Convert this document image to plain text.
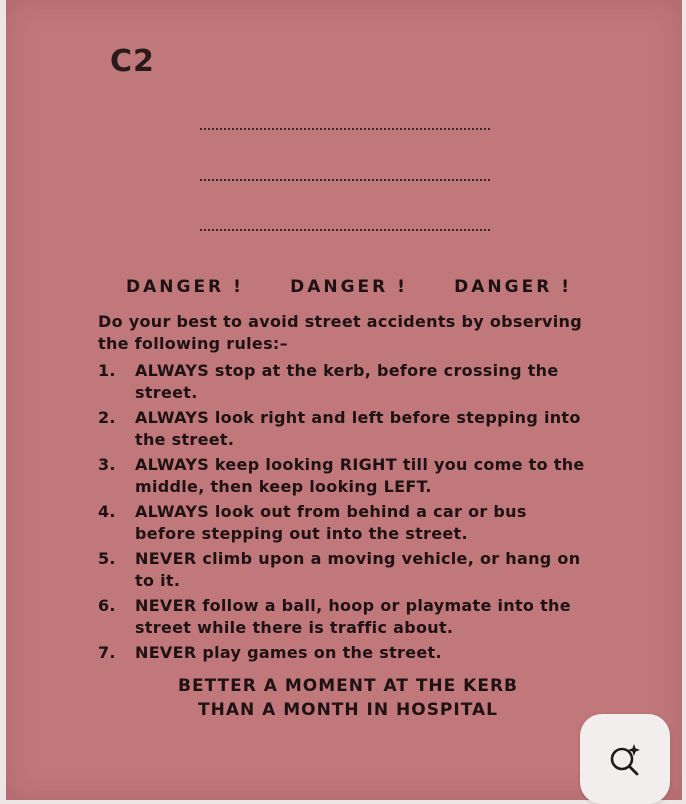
C2
DANGER !	DANGER !	DANGER !
Do your best to avoid street accidents by observing the following rules:–
1.	ALWAYS stop at the kerb, before crossing the street.
2.	ALWAYS look right and left before stepping into the street.
3.	ALWAYS keep looking RIGHT till you come to the middle, then keep looking LEFT.
4.	ALWAYS look out from behind a car or bus before stepping out into the street.
5.	NEVER climb upon a moving vehicle, or hang on to it.
6.	NEVER follow a ball, hoop or playmate into the street while there is traffic about.
7.	NEVER play games on the street.
BETTER A MOMENT AT THE KERB
THAN A MONTH IN HOSPITAL
